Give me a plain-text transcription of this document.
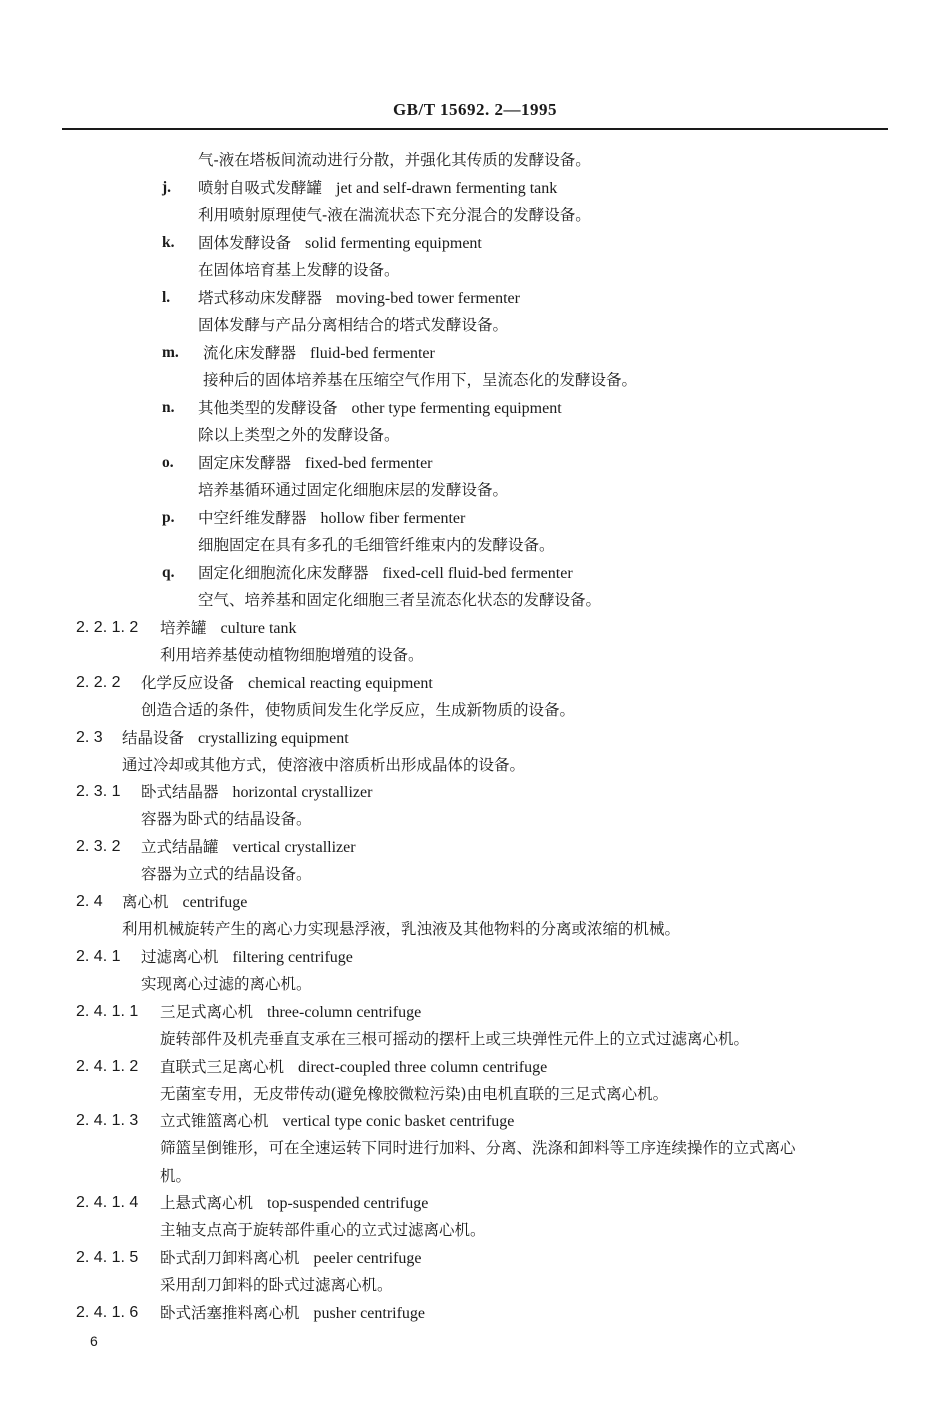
GB/T 15692. 2—1995
气-液在塔板间流动进行分散，并强化其传质的发酵设备。
j. 喷射自吸式发酵罐 jet and self-drawn fermenting tank
利用喷射原理使气-液在湍流状态下充分混合的发酵设备。
k. 固体发酵设备 solid fermenting equipment
在固体培育基上发酵的设备。
l. 塔式移动床发酵器 moving-bed tower fermenter
固体发酵与产品分离相结合的塔式发酵设备。
m. 流化床发酵器 fluid-bed fermenter
接种后的固体培养基在压缩空气作用下，呈流态化的发酵设备。
n. 其他类型的发酵设备 other type fermenting equipment
除以上类型之外的发酵设备。
o. 固定床发酵器 fixed-bed fermenter
培养基循环通过固定化细胞床层的发酵设备。
p. 中空纤维发酵器 hollow fiber fermenter
细胞固定在具有多孔的毛细管纤维束内的发酵设备。
q. 固定化细胞流化床发酵器 fixed-cell fluid-bed fermenter
空气、培养基和固定化细胞三者呈流态化状态的发酵设备。
2. 2. 1. 2 培养罐 culture tank
利用培养基使动植物细胞增殖的设备。
2. 2. 2 化学反应设备 chemical reacting equipment
创造合适的条件，使物质间发生化学反应，生成新物质的设备。
2. 3 结晶设备 crystallizing equipment
通过冷却或其他方式，使溶液中溶质析出形成晶体的设备。
2. 3. 1 卧式结晶器 horizontal crystallizer
容器为卧式的结晶设备。
2. 3. 2 立式结晶罐 vertical crystallizer
容器为立式的结晶设备。
2. 4 离心机 centrifuge
利用机械旋转产生的离心力实现悬浮液，乳浊液及其他物料的分离或浓缩的机械。
2. 4. 1 过滤离心机 filtering centrifuge
实现离心过滤的离心机。
2. 4. 1. 1 三足式离心机 three-column centrifuge
旋转部件及机壳垂直支承在三根可摇动的摆杆上或三块弹性元件上的立式过滤离心机。
2. 4. 1. 2 直联式三足离心机 direct-coupled three column centrifuge
无菌室专用，无皮带传动(避免橡胶微粒污染)由电机直联的三足式离心机。
2. 4. 1. 3 立式锥篮离心机 vertical type conic basket centrifuge
筛篮呈倒锥形，可在全速运转下同时进行加料、分离、洗涤和卸料等工序连续操作的立式离心
机。
2. 4. 1. 4 上悬式离心机 top-suspended centrifuge
主轴支点高于旋转部件重心的立式过滤离心机。
2. 4. 1. 5 卧式刮刀卸料离心机 peeler centrifuge
采用刮刀卸料的卧式过滤离心机。
2. 4. 1. 6 卧式活塞推料离心机 pusher centrifuge
6
